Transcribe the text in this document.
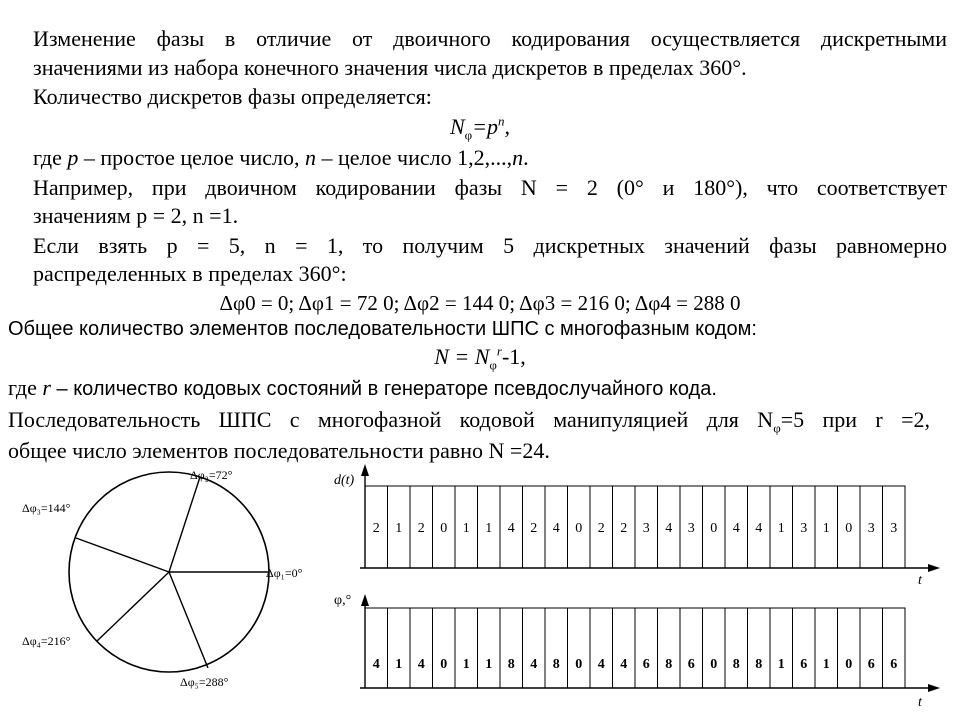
Изменение фазы в отличие от двоичного кодирования осуществляется дискретными
значениями из набора конечного значения числа дискретов в пределах 360°.
Количество дискретов фазы определяется:
$N_\varphi=p^n$,
где p – простое целое число, n – целое число 1,2,...,n.
Например, при двоичном кодировании фазы N = 2 (0° и 180°), что соответствует
значениям p = 2, n =1.
Если взять p = 5, n = 1, то получим 5 дискретных значений фазы равномерно
распределенных в пределах 360°:
Δφ0 = 0; Δφ1 = 72 0; Δφ2 = 144 0; Δφ3 = 216 0; Δφ4 = 288 0
Общее количество элементов последовательности ШПС с многофазным кодом:
$N = N_\varphi^r-1$,
где r – количество кодовых состояний в генераторе псевдослучайного кода.
Последовательность ШПС с многофазной кодовой манипуляцией для $N_\varphi=5$ при r =2,
общее число элементов последовательности равно N =24.
Δφ₂=72°
Δφ₃=144°
Δφ₁=0°
Δφ₄=216°
Δφ₅=288°
d(t)
t
φ,°
t
2
4
1
1
2
4
0
0
1
1
1
1
4
8
2
4
4
8
0
0
2
4
2
4
3
6
4
8
3
6
0
0
4
8
4
8
1
1
3
6
1
1
0
0
3
6
3
6
